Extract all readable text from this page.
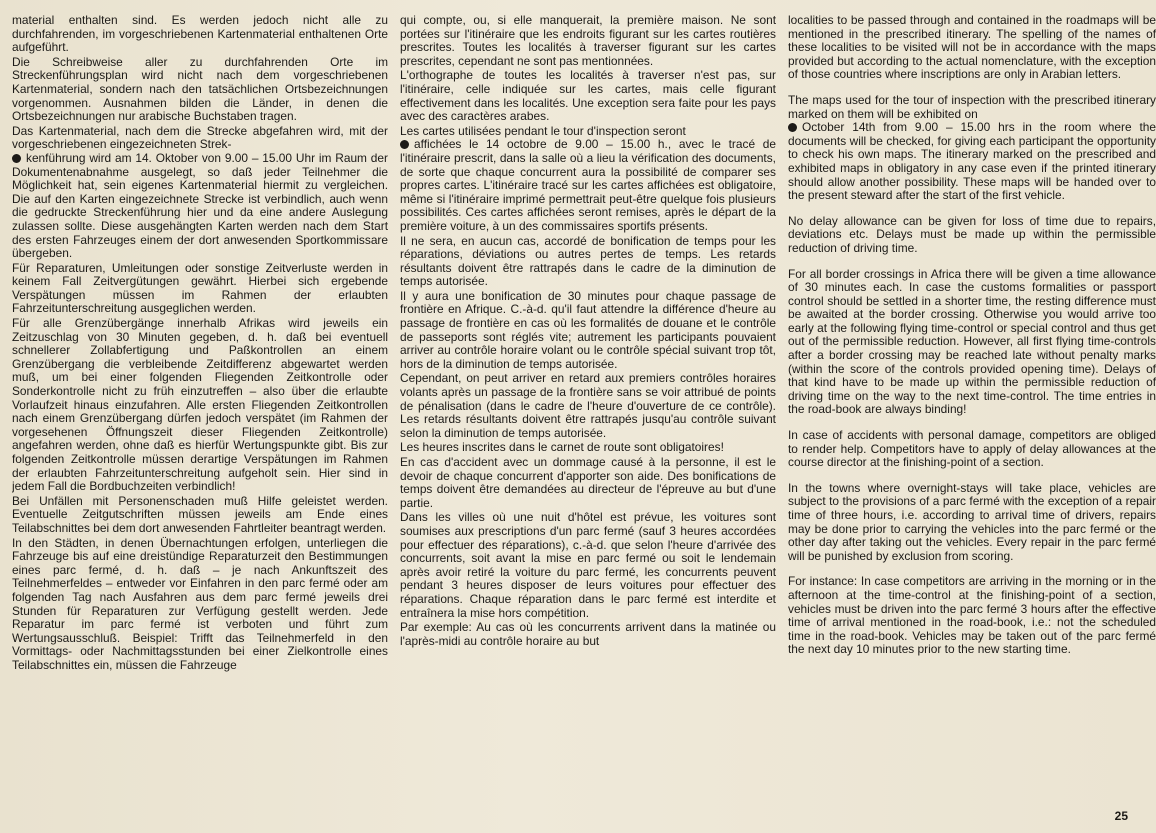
material enthalten sind. Es werden jedoch nicht alle zu durchfahrenden, im vorgeschriebenen Kartenmaterial enthaltenen Orte aufgeführt.

Die Schreibweise aller zu durchfahrenden Orte im Streckenführungsplan wird nicht nach dem vorgeschriebenen Kartenmaterial, sondern nach den tatsächlichen Ortsbezeichnungen vorgenommen. Ausnahmen bilden die Länder, in denen die Ortsbezeichnungen nur arabische Buchstaben tragen.

Das Kartenmaterial, nach dem die Strecke abgefahren wird, mit der vorgeschriebenen eingezeichneten Strek-
kenführung wird am 14. Oktober von 9.00 – 15.00 Uhr im Raum der Dokumentenabnahme ausgelegt, so daß jeder Teilnehmer die Möglichkeit hat, sein eigenes Kartenmaterial hiermit zu vergleichen. Die auf den Karten eingezeichnete Strecke ist verbindlich, auch wenn die gedruckte Streckenführung hier und da eine andere Auslegung zulassen sollte. Diese ausgehängten Karten werden nach dem Start des ersten Fahrzeuges einem der dort anwesenden Sportkommissare übergeben.

Für Reparaturen, Umleitungen oder sonstige Zeitverluste werden in keinem Fall Zeitvergütungen gewährt. Hierbei sich ergebende Verspätungen müssen im Rahmen der erlaubten Fahrzeitunterschreitung ausgeglichen werden.

Für alle Grenzübergänge innerhalb Afrikas wird jeweils ein Zeitzuschlag von 30 Minuten gegeben, d. h. daß bei eventuell schnellerer Zollabfertigung und Paßkontrollen an einem Grenzübergang die verbleibende Zeitdifferenz abgewartet werden muß, um bei einer folgenden Fliegenden Zeitkontrolle oder Sonderkontrolle nicht zu früh einzutreffen – also über die erlaubte Vorlaufzeit hinaus einzufahren. Alle ersten Fliegenden Zeitkontrollen nach einem Grenzübergang dürfen jedoch verspätet (im Rahmen der vorgesehenen Öffnungszeit dieser Fliegenden Zeitkontrolle) angefahren werden, ohne daß es hierfür Wertungspunkte gibt. Bis zur folgenden Zeitkontrolle müssen derartige Verspätungen im Rahmen der erlaubten Fahrzeitunterschreitung aufgeholt sein. Hier sind in jedem Fall die Bordbuchzeiten verbindlich!

Bei Unfällen mit Personenschaden muß Hilfe geleistet werden. Eventuelle Zeitgutschriften müssen jeweils am Ende eines Teilabschnittes bei dem dort anwesenden Fahrtleiter beantragt werden.

In den Städten, in denen Übernachtungen erfolgen, unterliegen die Fahrzeuge bis auf eine dreistündige Reparaturzeit den Bestimmungen eines parc fermé, d. h. daß – je nach Ankunftszeit des Teilnehmerfeldes – entweder vor Einfahren in den parc fermé oder am folgenden Tag nach Ausfahren aus dem parc fermé jeweils drei Stunden für Reparaturen zur Verfügung gestellt werden. Jede Reparatur im parc fermé ist verboten und führt zum Wertungsausschluß. Beispiel: Trifft das Teilnehmerfeld in den Vormittags- oder Nachmittagsstunden bei einer Zielkontrolle eines Teilabschnittes ein, müssen die Fahrzeuge

qui compte, ou, si elle manquerait, la première maison. Ne sont portées sur l'itinéraire que les endroits figurant sur les cartes routières prescrites. Toutes les localités à traverser figurant sur les cartes prescrites, cependant ne sont pas mentionnées.

L'orthographe de toutes les localités à traverser n'est pas, sur l'itinéraire, celle indiquée sur les cartes, mais celle figurant effectivement dans les localités. Une exception sera faite pour les pays avec des caractères arabes.

Les cartes utilisées pendant le tour d'inspection seront
affichées le 14 octobre de 9.00 – 15.00 h., avec le tracé de l'itinéraire prescrit, dans la salle où a lieu la vérification des documents, de sorte que chaque concurrent aura la possibilité de comparer ses propres cartes. L'itinéraire tracé sur les cartes affichées est obligatoire, même si l'itinéraire imprimé permettrait peut-être quelque fois plusieurs possibilités. Ces cartes affichées seront remises, après le départ de la première voiture, à un des commissaires sportifs présents.

Il ne sera, en aucun cas, accordé de bonification de temps pour les réparations, déviations ou autres pertes de temps. Les retards résultants doivent être rattrapés dans le cadre de la diminution de temps autorisée.

Il y aura une bonification de 30 minutes pour chaque passage de frontière en Afrique. C.-à-d. qu'il faut attendre la différence d'heure au passage de frontière en cas où les formalités de douane et le contrôle de passeports sont réglés vite; autrement les participants pouvaient arriver au contrôle horaire volant ou le contrôle spécial suivant trop tôt, hors de la diminution de temps autorisée.

Cependant, on peut arriver en retard aux premiers contrôles horaires volants après un passage de la frontière sans se voir attribué de points de pénalisation (dans le cadre de l'heure d'ouverture de ce contrôle). Les retards résultants doivent être rattrapés jusqu'au contrôle suivant selon la diminution de temps autorisée.

Les heures inscrites dans le carnet de route sont obligatoires!

En cas d'accident avec un dommage causé à la personne, il est le devoir de chaque concurrent d'apporter son aide. Des bonifications de temps doivent être demandées au directeur de l'épreuve au but d'une partie.

Dans les villes où une nuit d'hôtel est prévue, les voitures sont soumises aux prescriptions d'un parc fermé (sauf 3 heures accordées pour effectuer des réparations), c.-à-d. que selon l'heure d'arrivée des concurrents, soit avant la mise en parc fermé ou soit le lendemain après avoir retiré la voiture du parc fermé, les concurrents peuvent pendant 3 heures disposer de leurs voitures pour effectuer des réparations. Chaque réparation dans le parc fermé est interdite et entraînera la mise hors compétition.

Par exemple: Au cas où les concurrents arrivent dans la matinée ou l'après-midi au contrôle horaire au but

localities to be passed through and contained in the roadmaps will be mentioned in the prescribed itinerary. The spelling of the names of these localities to be visited will not be in accordance with the maps provided but according to the actual nomenclature, with the exception of those countries where inscriptions are only in Arabian letters.

The maps used for the tour of inspection with the prescribed itinerary marked on them will be exhibited on
October 14th from 9.00 – 15.00 hrs in the room where the documents will be checked, for giving each participant the opportunity to check his own maps. The itinerary marked on the prescribed and exhibited maps in obligatory in any case even if the printed itinerary should allow another possibility. These maps will be handed over to the present steward after the start of the first vehicle.

No delay allowance can be given for loss of time due to repairs, deviations etc. Delays must be made up within the permissible reduction of driving time.

For all border crossings in Africa there will be given a time allowance of 30 minutes each. In case the customs formalities or passport control should be settled in a shorter time, the resting difference must be awaited at the border crossing. Otherwise you would arrive too early at the following flying time-control or special control and thus get out of the permissible reduction. However, all first flying time-controls after a border crossing may be reached late without penalty marks (within the score of the controls provided opening time). Delays of that kind have to be made up within the permissible reduction of driving time on the way to the next time-control. The time entries in the road-book are always binding!

In case of accidents with personal damage, competitors are obliged to render help. Competitors have to apply of delay allowances at the course director at the finishing-point of a section.

In the towns where overnight-stays will take place, vehicles are subject to the provisions of a parc fermé with the exception of a repair time of three hours, i.e. according to arrival time of drivers, repairs may be done prior to carrying the vehicles into the parc fermé or the other day after taking out the vehicles. Every repair in the parc fermé will be punished by exclusion from scoring.

For instance: In case competitors are arriving in the morning or in the afternoon at the time-control at the finishing-point of a section, vehicles must be driven into the parc fermé 3 hours after the effective time of arrival mentioned in the road-book, i.e.: not the scheduled time in the road-book. Vehicles may be taken out of the parc fermé the next day 10 minutes prior to the new starting time.

25
